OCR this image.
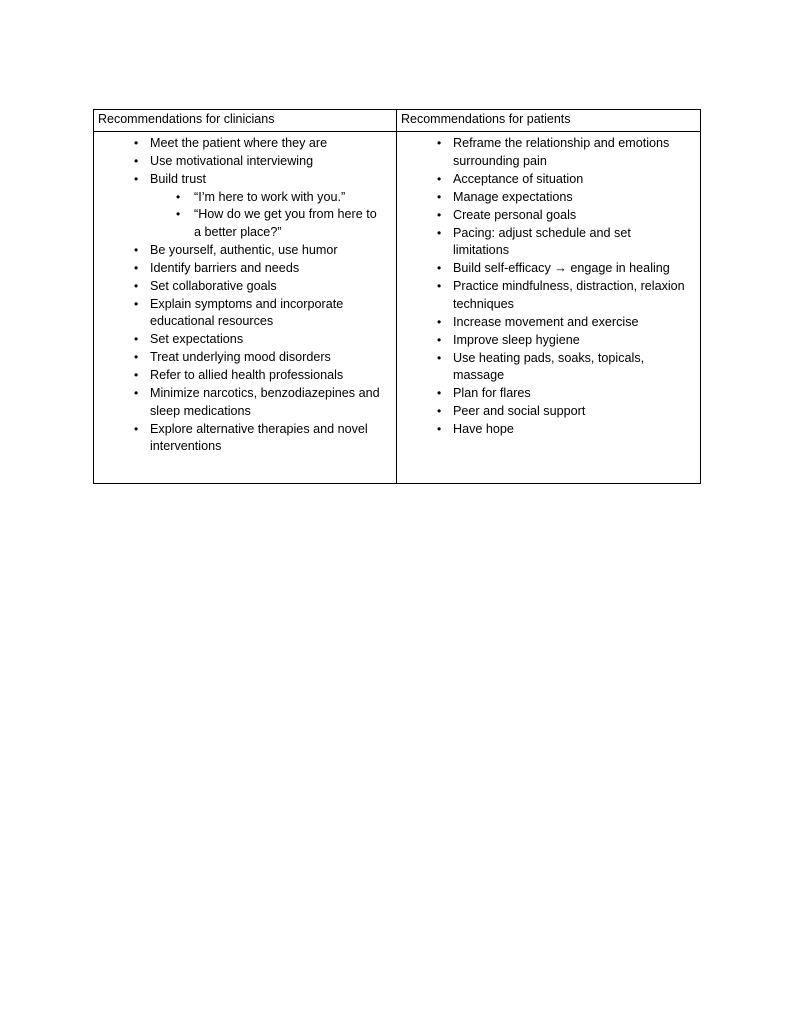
Recommendations for clinicians	Recommendations for patients

• Meet the patient where they are
• Use motivational interviewing
• Build trust
• “I’m here to work with you.”
• “How do we get you from here to a better place?”
• Be yourself, authentic, use humor
• Identify barriers and needs
• Set collaborative goals
• Explain symptoms and incorporate educational resources
• Set expectations
• Treat underlying mood disorders
• Refer to allied health professionals
• Minimize narcotics, benzodiazepines and sleep medications
• Explore alternative therapies and novel interventions

• Reframe the relationship and emotions surrounding pain
• Acceptance of situation
• Manage expectations
• Create personal goals
• Pacing: adjust schedule and set limitations
• Build self-efficacy → engage in healing
• Practice mindfulness, distraction, relaxion techniques
• Increase movement and exercise
• Improve sleep hygiene
• Use heating pads, soaks, topicals, massage
• Plan for flares
• Peer and social support
• Have hope
